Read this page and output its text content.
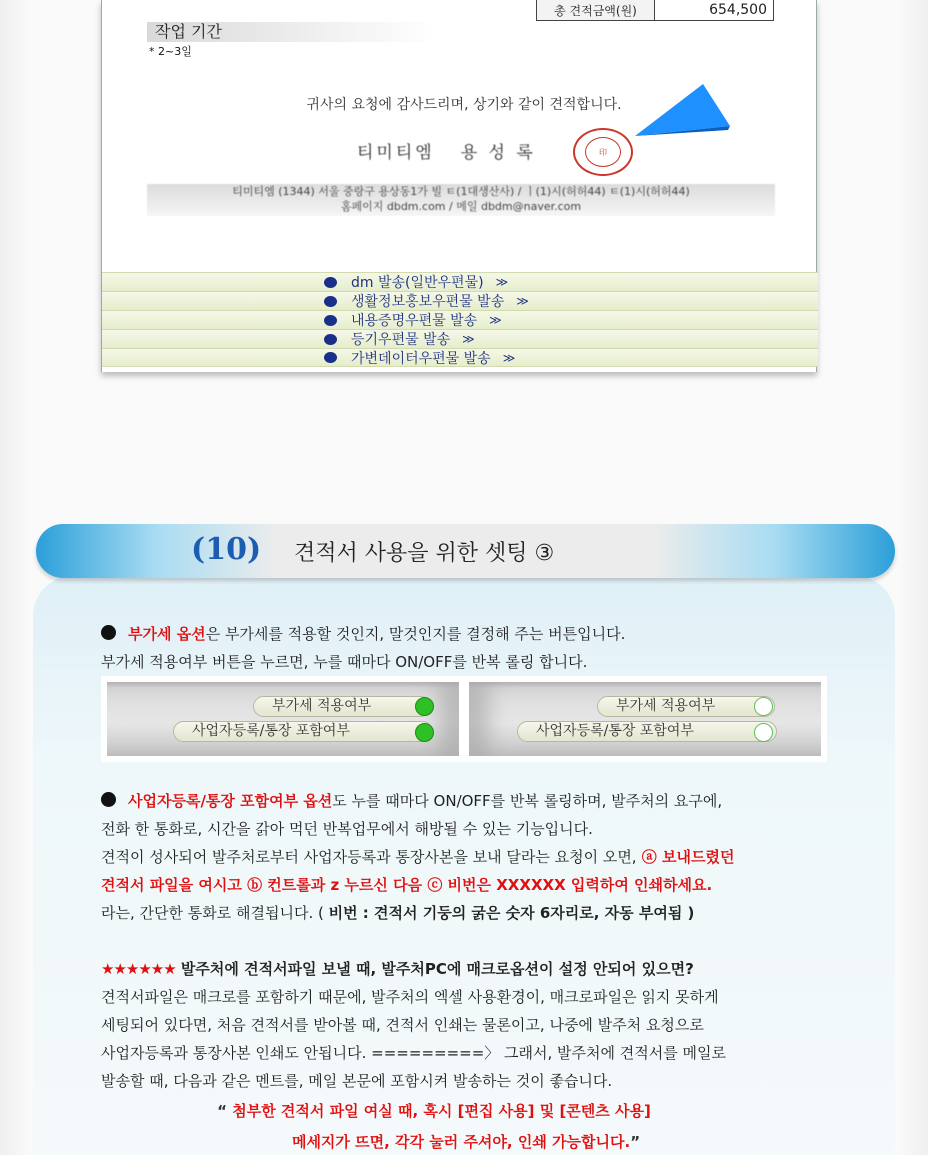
총 견적금액(원)	654,500
작업 기간
* 2~3일
귀사의 요청에 감사드리며, 상기와 같이 견적합니다.
티미티엠 용 성 록	印
티미티엠 (1344) 서울 중랑구 용상동1가 빌 ㅌ(1대생산사) / ㅣ(1)시(허허44) ㅌ(1)시(허허44)
홈페이지 dbdm.com / 메일 dbdm@naver.com
dm 발송(일반우편물) ≫
생활정보홍보우편물 발송 ≫
내용증명우편물 발송 ≫
등기우편물 발송 ≫
가변데이터우편물 발송 ≫
(10) 견적서 사용을 위한 셋팅 ③
부가세 옵션은 부가세를 적용할 것인지, 말것인지를 결정해 주는 버튼입니다.
부가세 적용여부 버튼을 누르면, 누를 때마다 ON/OFF를 반복 롤링 합니다.
부가세 적용여부
사업자등록/통장 포함여부
부가세 적용여부
사업자등록/통장 포함여부
사업자등록/통장 포함여부 옵션도 누를 때마다 ON/OFF를 반복 롤링하며, 발주처의 요구에,
전화 한 통화로, 시간을 갉아 먹던 반복업무에서 해방될 수 있는 기능입니다.
견적이 성사되어 발주처로부터 사업자등록과 통장사본을 보내 달라는 요청이 오면, ⓐ 보내드렸던
견적서 파일을 여시고 ⓑ 컨트롤과 z 누르신 다음 ⓒ 비번은 XXXXXX 입력하여 인쇄하세요.
라는, 간단한 통화로 해결됩니다. ( 비번 : 견적서 기둥의 굵은 숫자 6자리로, 자동 부여됨 )
★★★★★★ 발주처에 견적서파일 보낼 때, 발주처PC에 매크로옵션이 설정 안되어 있으면?
견적서파일은 매크로를 포함하기 때문에, 발주처의 엑셀 사용환경이, 매크로파일은 읽지 못하게
세팅되어 있다면, 처음 견적서를 받아볼 때, 견적서 인쇄는 물론이고, 나중에 발주처 요청으로
사업자등록과 통장사본 인쇄도 안됩니다. =========〉 그래서, 발주처에 견적서를 메일로
발송할 때, 다음과 같은 멘트를, 메일 본문에 포함시켜 발송하는 것이 좋습니다.
“ 첨부한 견적서 파일 여실 때, 혹시 [편집 사용] 및 [콘텐츠 사용]
메세지가 뜨면, 각각 눌러 주셔야, 인쇄 가능합니다.”
